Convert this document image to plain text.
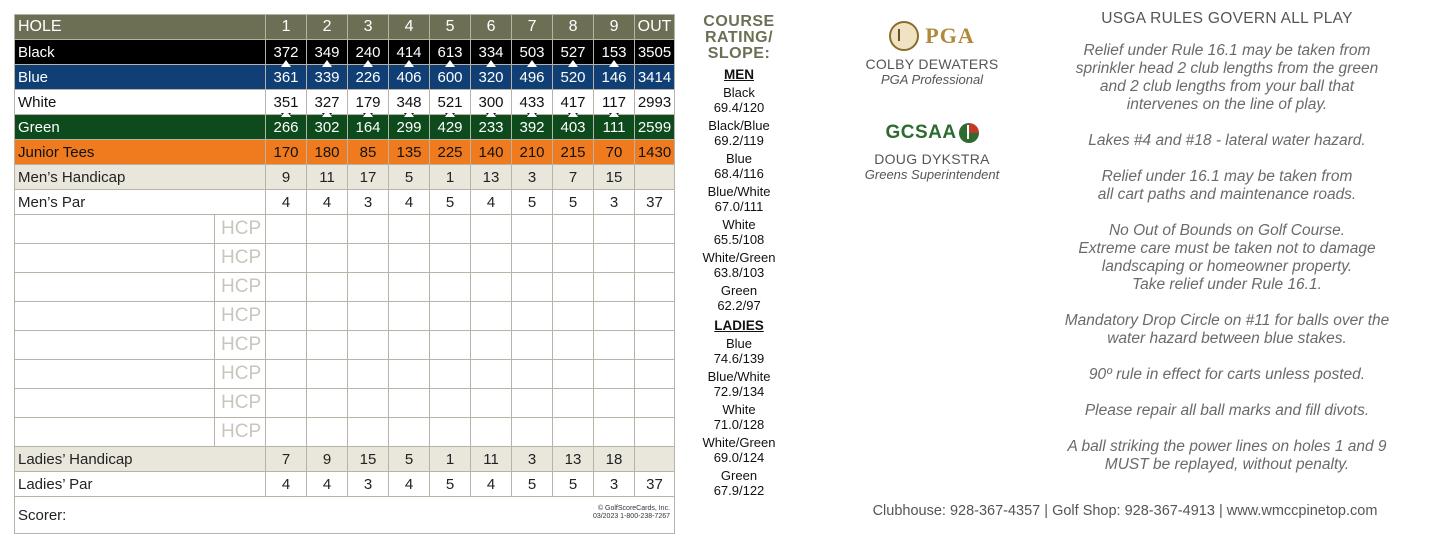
HOLE		1	2	3	4	5	6	7	8	9	OUT
Black		372	349	240	414	613	334	503	527	153	3505
Blue		361	339	226	406	600	320	496	520	146	3414
White		351	327	179	348	521	300	433	417	117	2993
Green		266	302	164	299	429	233	392	403	111	2599
Junior Tees		170	180	85	135	225	140	210	215	70	1430
Men’s Handicap		9	11	17	5	1	13	3	7	15	
Men’s Par		4	4	3	4	5	4	5	5	3	37
	HCP										
	HCP										
	HCP										
	HCP										
	HCP										
	HCP										
	HCP										
	HCP										
Ladies’ Handicap		7	9	15	5	1	11	3	13	18	
Ladies’ Par		4	4	3	4	5	4	5	5	3	37
Scorer: © GolfScoreCards, Inc.
03/2023 1-800-238-7267											
COURSE
RATING/
SLOPE:
MEN
Black
69.4/120
Black/Blue
69.2/119
Blue
68.4/116
Blue/White
67.0/111
White
65.5/108
White/Green
63.8/103
Green
62.2/97
LADIES
Blue
74.6/139
Blue/White
72.9/134
White
71.0/128
White/Green
69.0/124
Green
67.9/122
PGA
COLBY DEWATERS
PGA Professional
GCSAA
DOUG DYKSTRA
Greens Superintendent
USGA RULES GOVERN ALL PLAY
Relief under Rule 16.1 may be taken from
sprinkler head 2 club lengths from the green
and 2 club lengths from your ball that
intervenes on the line of play.
Lakes #4 and #18 - lateral water hazard.
Relief under 16.1 may be taken from
all cart paths and maintenance roads.
No Out of Bounds on Golf Course.
Extreme care must be taken not to damage
landscaping or homeowner property.
Take relief under Rule 16.1.
Mandatory Drop Circle on #11 for balls over the
water hazard between blue stakes.
90º rule in effect for carts unless posted.
Please repair all ball marks and fill divots.
A ball striking the power lines on holes 1 and 9
MUST be replayed, without penalty.
Clubhouse: 928-367-4357 | Golf Shop: 928-367-4913 | www.wmccpinetop.com
